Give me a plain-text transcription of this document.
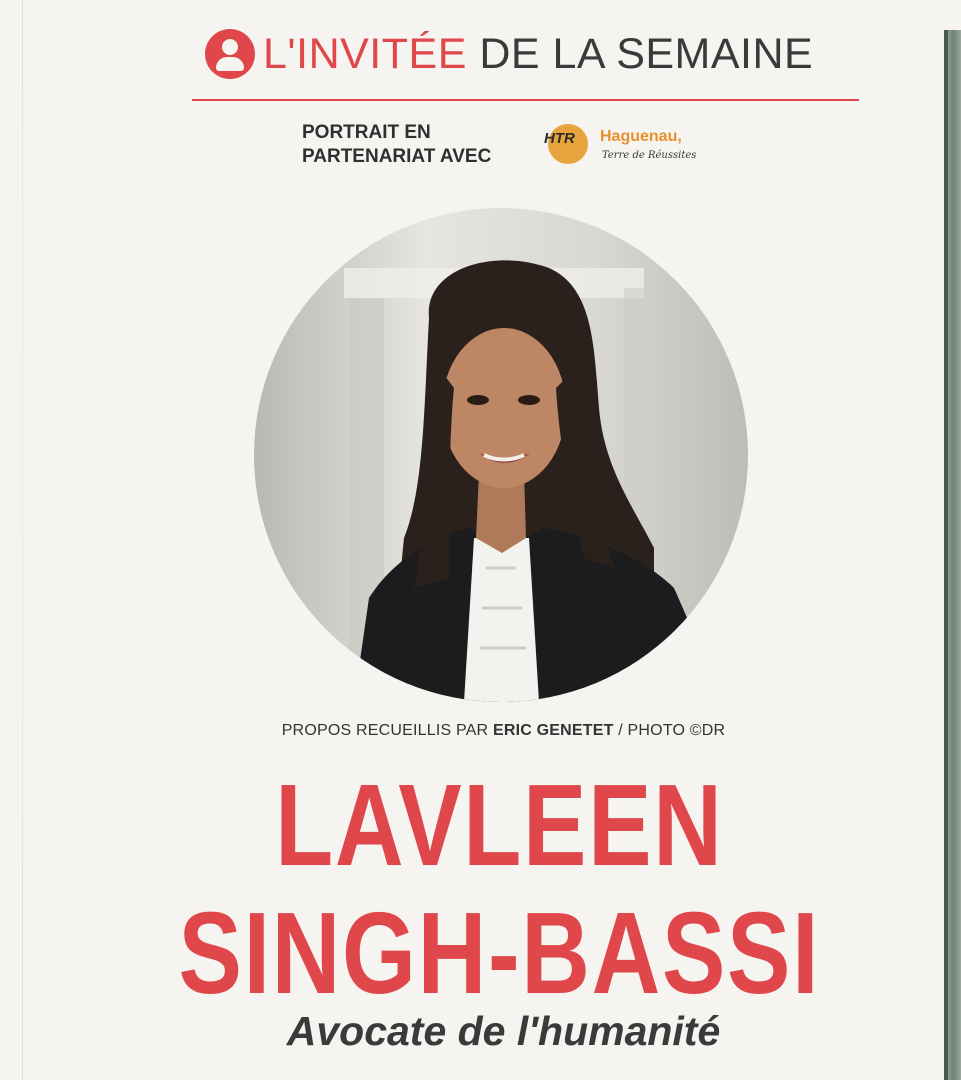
L'INVITÉE DE LA SEMAINE
PORTRAIT EN
PARTENARIAT AVEC
HTR Haguenau,
Terre de Réussites
PROPOS RECUEILLIS PAR ERIC GENETET / PHOTO ©DR
LAVLEEN
SINGH-BASSI
Avocate de l'humanité
